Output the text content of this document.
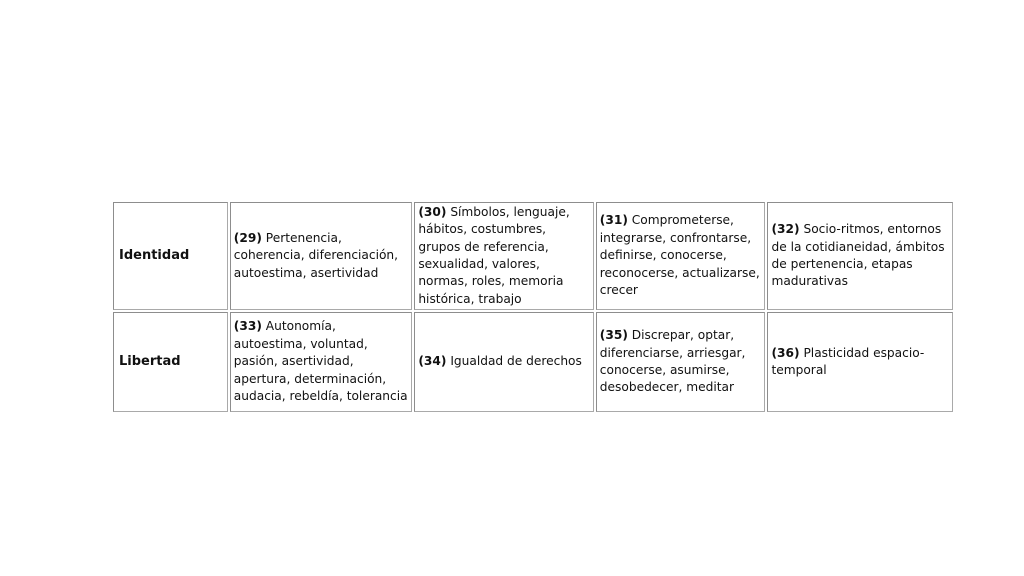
Identidad	(29) Pertenencia, coherencia, diferenciación, autoestima, asertividad	(30) Símbolos, lenguaje, hábitos, costumbres, grupos de referencia, sexualidad, valores, normas, roles, memoria histórica, trabajo	(31) Comprometerse, integrarse, confrontarse, definirse, conocerse, reconocerse, actualizarse, crecer	(32) Socio-ritmos, entornos de la cotidianeidad, ámbitos de pertenencia, etapas madurativas
Libertad	(33) Autonomía, autoestima, voluntad, pasión, asertividad, apertura, determinación, audacia, rebeldía, tolerancia	(34) Igualdad de derechos	(35) Discrepar, optar, diferenciarse, arriesgar, conocerse, asumirse, desobedecer, meditar	(36) Plasticidad espacio-temporal
